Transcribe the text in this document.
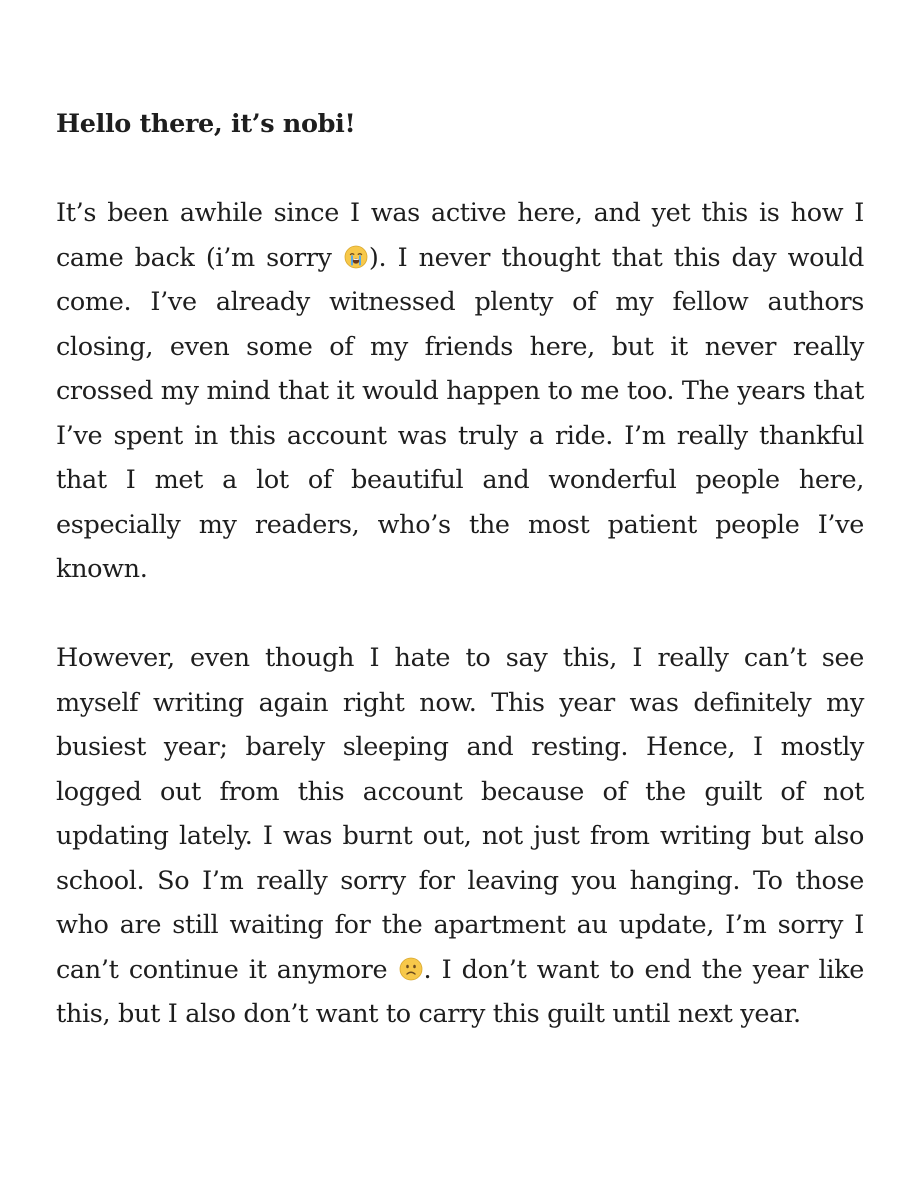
Hello there, it’s nobi!

It’s been awhile since I was active here, and yet this is how I came back (i’m sorry
). I never thought that this day would come. I’ve already witnessed plenty of my fellow authors closing, even some of my friends here, but it never really crossed my mind that it would happen to me too. The years that I’ve spent in this account was truly a ride. I’m really thankful that I met a lot of beautiful and wonderful people here, especially my readers, who’s the most patient people I’ve known.

However, even though I hate to say this, I really can’t see myself writing again right now. This year was definitely my busiest year; barely sleeping and resting. Hence, I mostly logged out from this account because of the guilt of not updating lately. I was burnt out, not just from writing but also school. So I’m really sorry for leaving you hanging. To those who are still waiting for the apartment au update, I’m sorry I can’t continue it anymore
. I don’t want to end the year like this, but I also don’t want to carry this guilt until next year.
